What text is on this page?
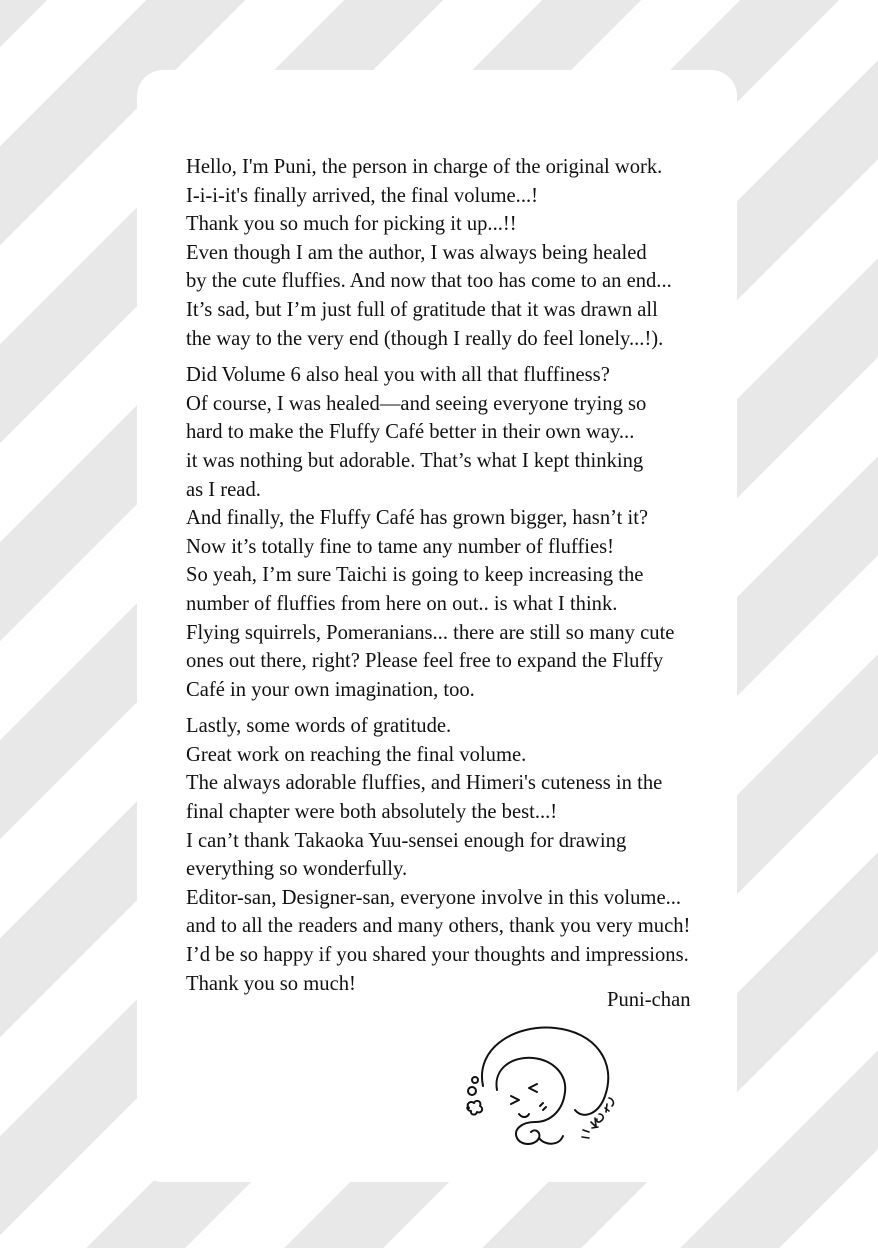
Hello, I'm Puni, the person in charge of the original work.
I-i-i-it's finally arrived, the final volume...!
Thank you so much for picking it up...!!
Even though I am the author, I was always being healed
by the cute fluffies. And now that too has come to an end...
It’s sad, but I’m just full of gratitude that it was drawn all
the way to the very end (though I really do feel lonely...!).

Did Volume 6 also heal you with all that fluffiness?
Of course, I was healed—and seeing everyone trying so
hard to make the Fluffy Café better in their own way...
it was nothing but adorable. That’s what I kept thinking
as I read.
And finally, the Fluffy Café has grown bigger, hasn’t it?
Now it’s totally fine to tame any number of fluffies!
So yeah, I’m sure Taichi is going to keep increasing the
number of fluffies from here on out.. is what I think.
Flying squirrels, Pomeranians... there are still so many cute
ones out there, right? Please feel free to expand the Fluffy
Café in your own imagination, too.

Lastly, some words of gratitude.
Great work on reaching the final volume.
The always adorable fluffies, and Himeri's cuteness in the
final chapter were both absolutely the best...!
I can’t thank Takaoka Yuu-sensei enough for drawing
everything so wonderfully.
Editor-san, Designer-san, everyone involve in this volume...
and to all the readers and many others, thank you very much!
I’d be so happy if you shared your thoughts and impressions.
Thank you so much!

Puni-chan
